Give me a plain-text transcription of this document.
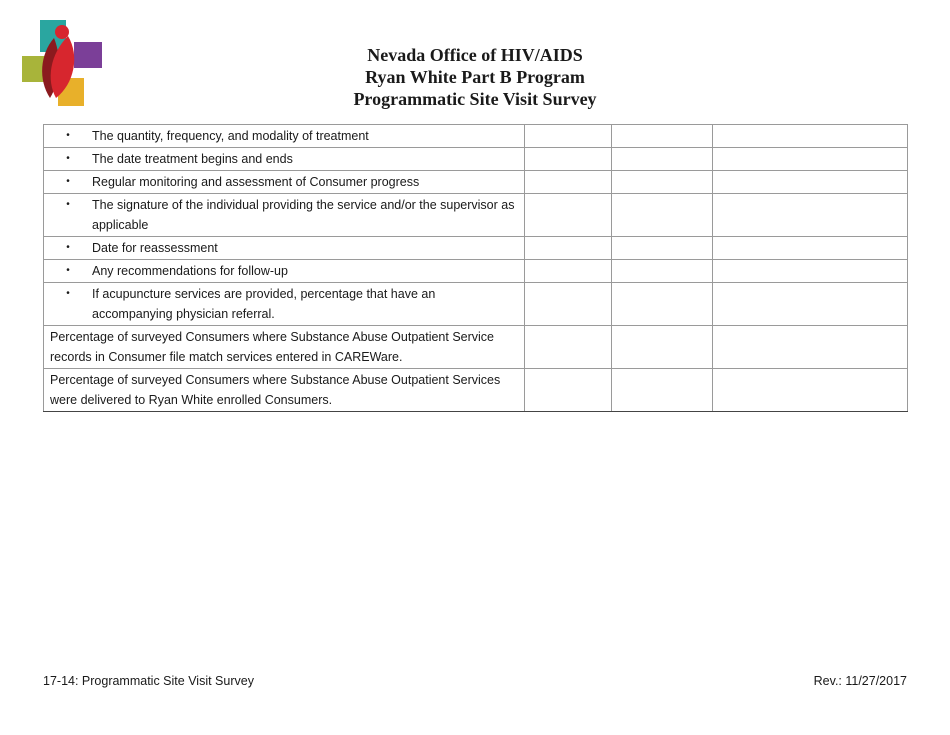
Nevada Office of HIV/AIDS
Ryan White Part B Program
Programmatic Site Visit Survey
• The quantity, frequency, and modality of treatment			

• The date treatment begins and ends			

• Regular monitoring and assessment of Consumer progress			

• The signature of the individual providing the service and/or the supervisor as applicable			

• Date for reassessment			

• Any recommendations for follow-up			

• If acupuncture services are provided, percentage that have an accompanying physician referral.			

Percentage of surveyed Consumers where Substance Abuse Outpatient Service records in Consumer file match services entered in CAREWare.			
Percentage of surveyed Consumers where Substance Abuse Outpatient Services were delivered to Ryan White enrolled Consumers.			
17-14: Programmatic Site Visit Survey	Rev.: 11/27/2017
